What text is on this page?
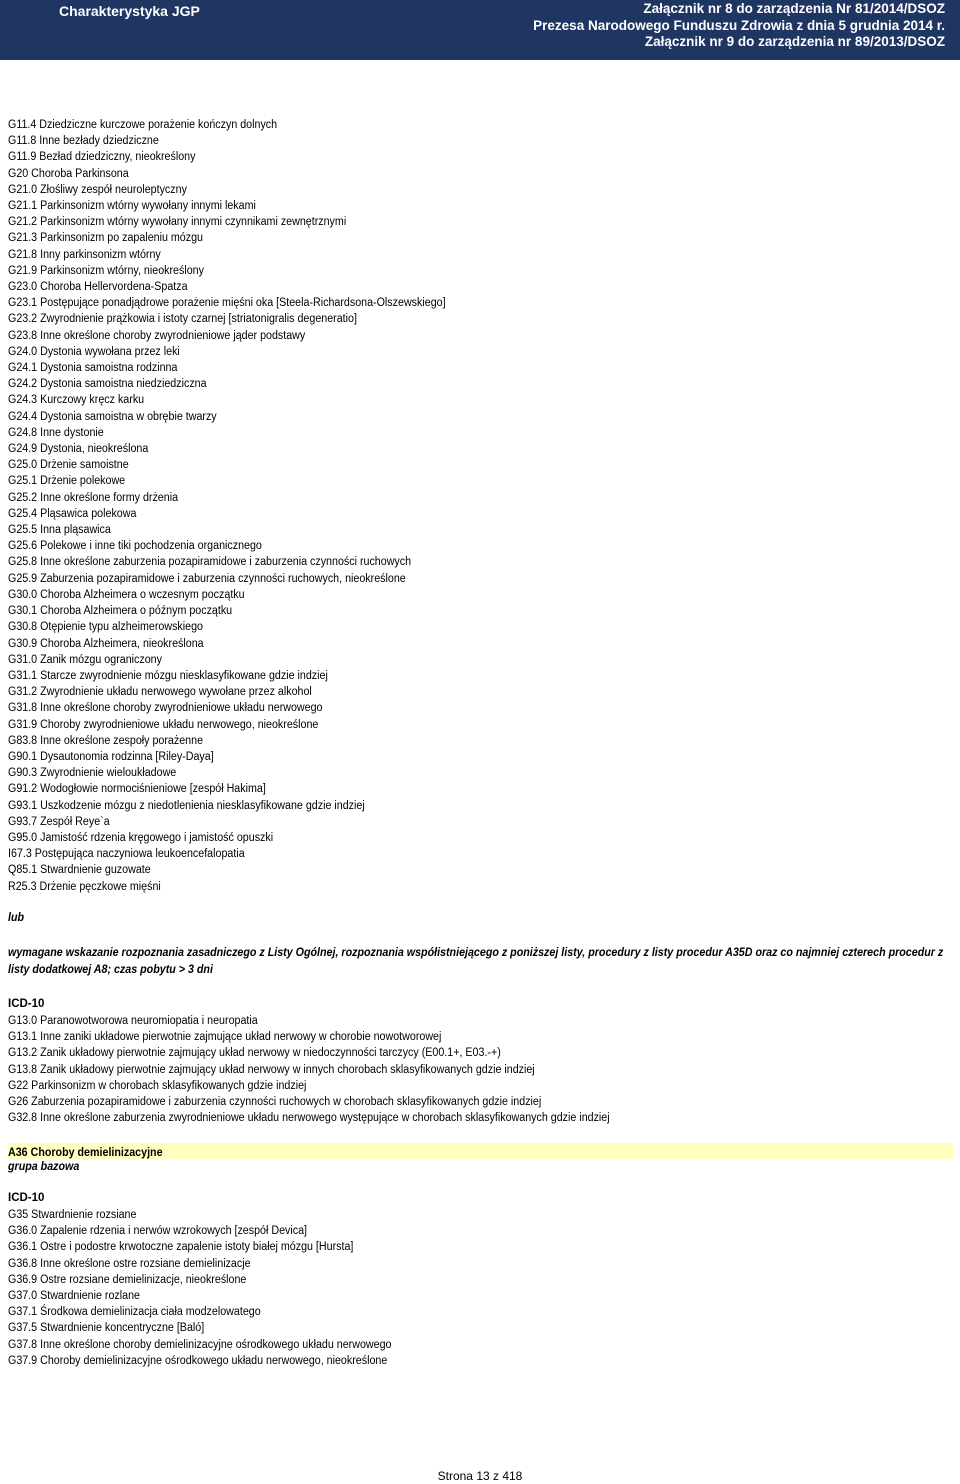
Charakterystyka JGP	Załącznik nr 8 do zarządzenia Nr 81/2014/DSOZ
Prezesa Narodowego Funduszu Zdrowia z dnia 5 grudnia 2014 r.
Załącznik nr 9 do zarządzenia nr 89/2013/DSOZ
G11.4 Dziedziczne kurczowe porażenie kończyn dolnych
G11.8 Inne bezłady dziedziczne
G11.9 Bezład dziedziczny, nieokreślony
G20 Choroba Parkinsona
G21.0 Złośliwy zespół neuroleptyczny
G21.1 Parkinsonizm wtórny wywołany innymi lekami
G21.2 Parkinsonizm wtórny wywołany innymi czynnikami zewnętrznymi
G21.3 Parkinsonizm po zapaleniu mózgu
G21.8 Inny parkinsonizm wtórny
G21.9 Parkinsonizm wtórny, nieokreślony
G23.0 Choroba Hellervordena-Spatza
G23.1 Postępujące ponadjądrowe porażenie mięśni oka [Steela-Richardsona-Olszewskiego]
G23.2 Zwyrodnienie prążkowia i istoty czarnej [striatonigralis degeneratio]
G23.8 Inne określone choroby zwyrodnieniowe jąder podstawy
G24.0 Dystonia wywołana przez leki
G24.1 Dystonia samoistna rodzinna
G24.2 Dystonia samoistna niedziedziczna
G24.3 Kurczowy kręcz karku
G24.4 Dystonia samoistna w obrębie twarzy
G24.8 Inne dystonie
G24.9 Dystonia, nieokreślona
G25.0 Drżenie samoistne
G25.1 Drżenie polekowe
G25.2 Inne określone formy drżenia
G25.4 Pląsawica polekowa
G25.5 Inna pląsawica
G25.6 Polekowe i inne tiki pochodzenia organicznego
G25.8 Inne określone zaburzenia pozapiramidowe i zaburzenia czynności ruchowych
G25.9 Zaburzenia pozapiramidowe i zaburzenia czynności ruchowych, nieokreślone
G30.0 Choroba Alzheimera o wczesnym początku
G30.1 Choroba Alzheimera o późnym początku
G30.8 Otępienie typu alzheimerowskiego
G30.9 Choroba Alzheimera, nieokreślona
G31.0 Zanik mózgu ograniczony
G31.1 Starcze zwyrodnienie mózgu niesklasyfikowane gdzie indziej
G31.2 Zwyrodnienie układu nerwowego wywołane przez alkohol
G31.8 Inne określone choroby zwyrodnieniowe układu nerwowego
G31.9 Choroby zwyrodnieniowe układu nerwowego, nieokreślone
G83.8 Inne określone zespoły porażenne
G90.1 Dysautonomia rodzinna [Riley-Daya]
G90.3 Zwyrodnienie wieloukładowe
G91.2 Wodogłowie normociśnieniowe [zespół Hakima]
G93.1 Uszkodzenie mózgu z niedotlenienia niesklasyfikowane gdzie indziej
G93.7 Zespół Reye`a
G95.0 Jamistość rdzenia kręgowego i jamistość opuszki
I67.3 Postępująca naczyniowa leukoencefalopatia
Q85.1 Stwardnienie guzowate
R25.3 Drżenie pęczkowe mięśni
lub
wymagane wskazanie rozpoznania zasadniczego z Listy Ogólnej, rozpoznania współistniejącego z poniższej listy, procedury z listy procedur A35D oraz co najmniej czterech procedur z listy dodatkowej A8; czas pobytu > 3 dni
ICD-10
G13.0 Paranowotworowa neuromiopatia i neuropatia
G13.1 Inne zaniki układowe pierwotnie zajmujące układ nerwowy w chorobie nowotworowej
G13.2 Zanik układowy pierwotnie zajmujący układ nerwowy w niedoczynności tarczycy (E00.1+, E03.-+)
G13.8 Zanik układowy pierwotnie zajmujący układ nerwowy w innych chorobach sklasyfikowanych gdzie indziej
G22 Parkinsonizm w chorobach sklasyfikowanych gdzie indziej
G26 Zaburzenia pozapiramidowe i zaburzenia czynności ruchowych w chorobach sklasyfikowanych gdzie indziej
G32.8 Inne określone zaburzenia zwyrodnieniowe układu nerwowego występujące w chorobach sklasyfikowanych gdzie indziej
A36 Choroby demielinizacyjne
grupa bazowa
ICD-10
G35 Stwardnienie rozsiane
G36.0 Zapalenie rdzenia i nerwów wzrokowych [zespół Devica]
G36.1 Ostre i podostre krwotoczne zapalenie istoty białej mózgu [Hursta]
G36.8 Inne określone ostre rozsiane demielinizacje
G36.9 Ostre rozsiane demielinizacje, nieokreślone
G37.0 Stwardnienie rozlane
G37.1 Środkowa demielinizacja ciała modzelowatego
G37.5 Stwardnienie koncentryczne [Baló]
G37.8 Inne określone choroby demielinizacyjne ośrodkowego układu nerwowego
G37.9 Choroby demielinizacyjne ośrodkowego układu nerwowego, nieokreślone
Strona 13 z 418
